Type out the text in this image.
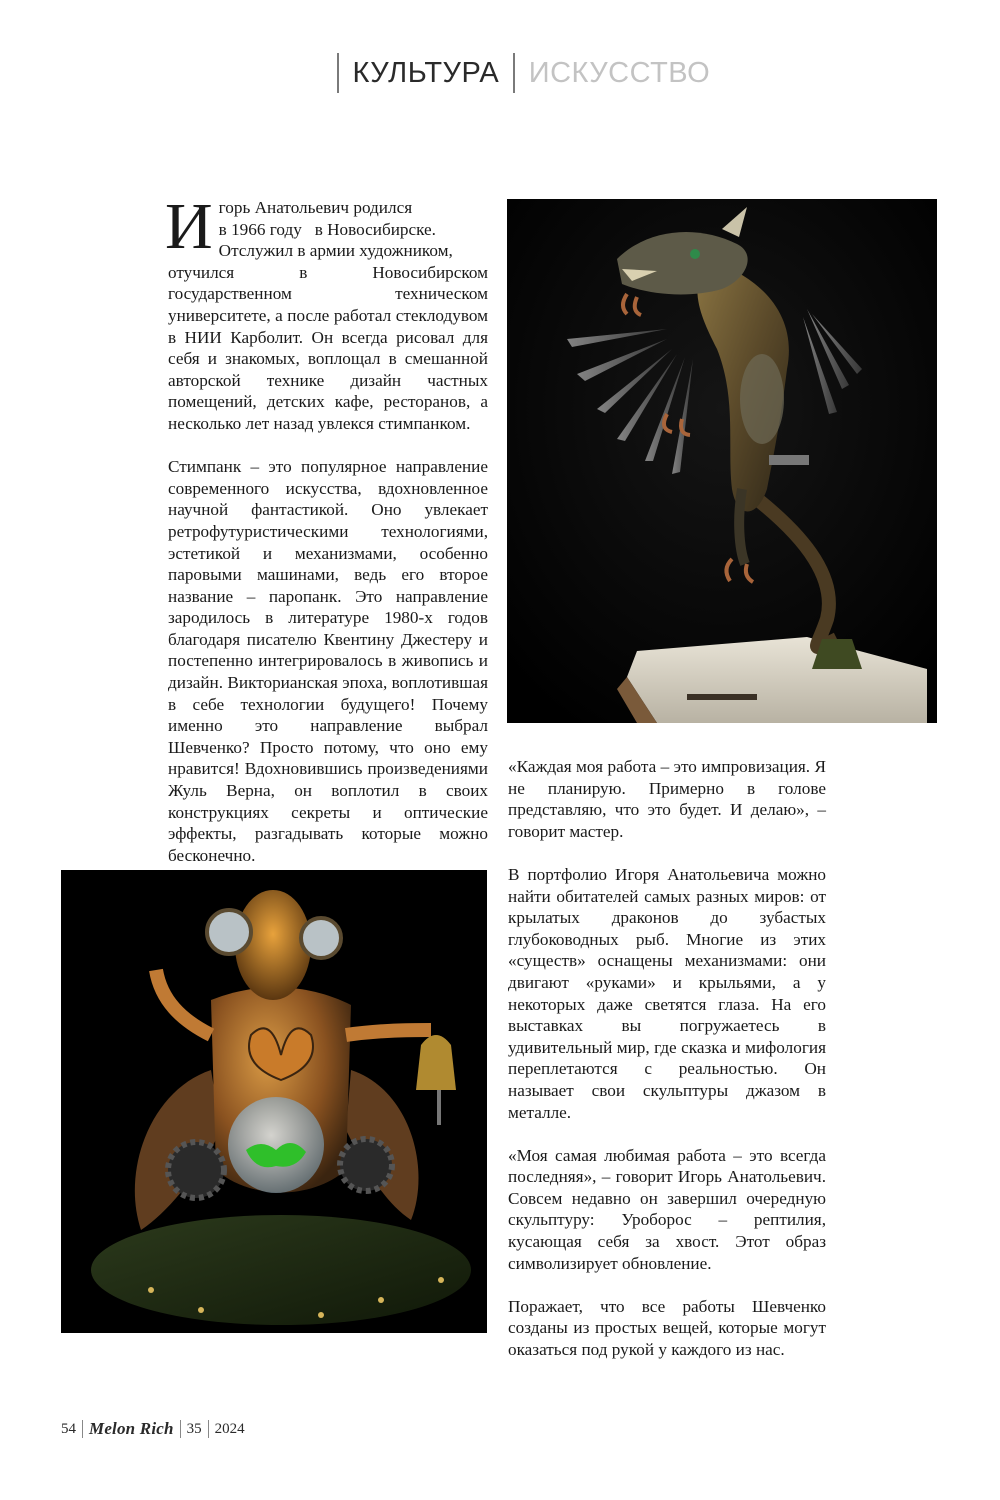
КУЛЬТУРА	ИСКУССТВО

И горь Анатольевич родился
в 1966 году   в Новосибирске.
Отслужил в армии художником,

отучился в Новосибирском государственном техническом университете, а после работал стеклодувом в НИИ Карболит. Он всегда рисовал для себя и знакомых, воплощал в смешанной авторской технике дизайн частных помещений, детских кафе, ресторанов, а несколько лет назад увлекся стимпанком.

Стимпанк – это популярное направление современного искусства, вдохновленное научной фантастикой. Оно увлекает ретрофутуристическими технологиями, эстетикой и механизмами, особенно паровыми машинами, ведь его второе название – паропанк. Это направление зародилось в литературе 1980-х годов благодаря писателю Квентину Джестеру и постепенно интегрировалось в живопись и дизайн. Викторианская эпоха, воплотившая в себе технологии будущего! Почему именно это направление выбрал Шевченко? Просто потому, что оно ему нравится! Вдохновившись произведениями Жуль Верна, он воплотил в своих конструкциях секреты и оптические эффекты, разгадывать которые можно бесконечно.

«Каждая моя работа – это импровизация. Я не планирую. Примерно в голове представляю, что это будет. И делаю», – говорит мастер.

В портфолио Игоря Анатольевича можно найти обитателей самых разных миров: от крылатых драконов до зубастых глубоководных рыб. Многие из этих «существ» оснащены механизмами: они двигают «руками» и крыльями, а у некоторых даже светятся глаза. На его выставках вы погружаетесь в удивительный мир, где сказка и мифология переплетаются с реальностью. Он называет свои скульптуры джазом в металле.

«Моя самая любимая работа – это всегда последняя», – говорит Игорь Анатольевич. Совсем недавно он завершил очередную скульптуру: Уроборос – рептилия, кусающая себя за хвост. Этот образ символизирует обновление.

Поражает, что все работы Шевченко созданы из простых вещей, которые могут оказаться под рукой у каждого из нас.

54 Melon Rich 35 2024
